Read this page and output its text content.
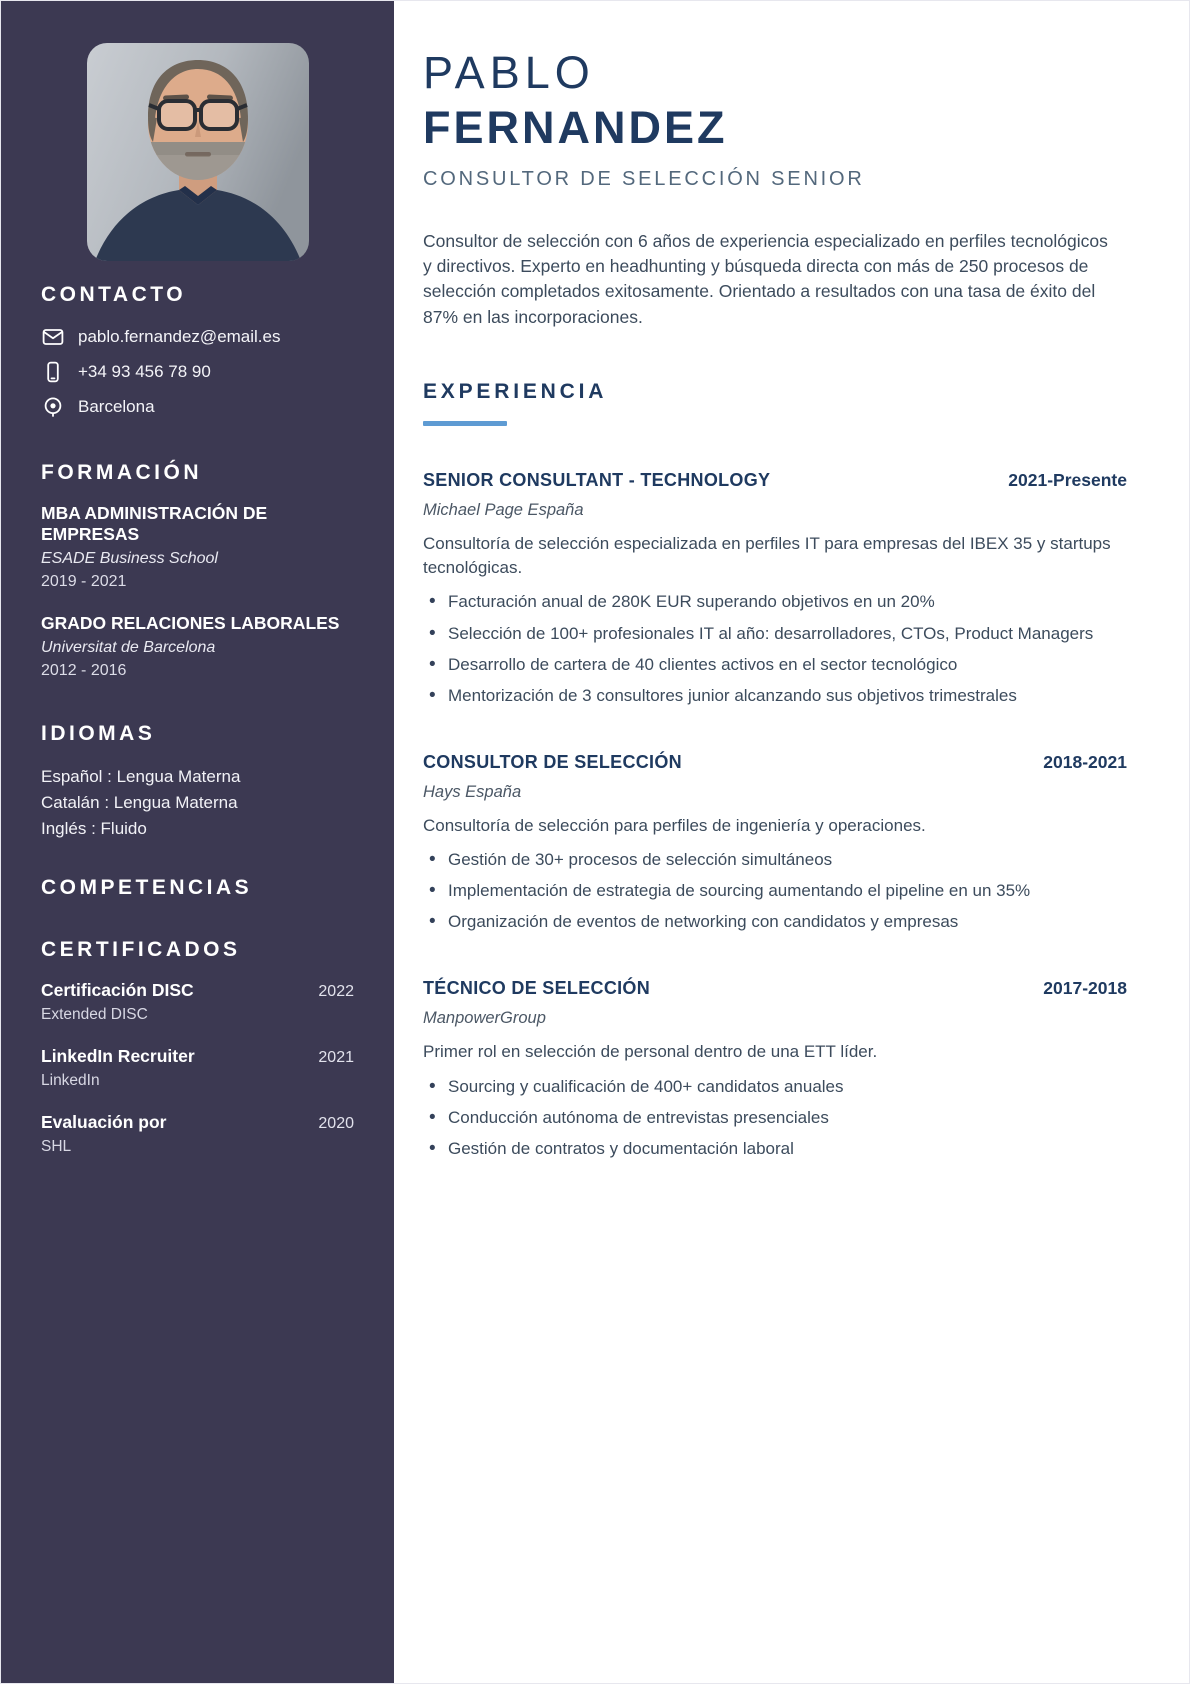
CONTACTO
pablo.fernandez@email.es
+34 93 456 78 90
Barcelona
FORMACIÓN
MBA ADMINISTRACIÓN DE EMPRESAS
ESADE Business School
2019 - 2021
GRADO RELACIONES LABORALES
Universitat de Barcelona
2012 - 2016
IDIOMAS
Español : Lengua Materna
Catalán : Lengua Materna
Inglés : Fluido
COMPETENCIAS
CERTIFICADOS
Certificación DISC	2022
Extended DISC
LinkedIn Recruiter	2021
LinkedIn
Evaluación por	2020
SHL
PABLO
FERNANDEZ
CONSULTOR DE SELECCIÓN SENIOR

Consultor de selección con 6 años de experiencia especializado en perfiles tecnológicos y directivos. Experto en headhunting y búsqueda directa con más de 250 procesos de selección completados exitosamente. Orientado a resultados con una tasa de éxito del 87% en las incorporaciones.

EXPERIENCIA
SENIOR CONSULTANT - TECHNOLOGY	2021-Presente
Michael Page España
Consultoría de selección especializada en perfiles IT para empresas del IBEX 35 y startups tecnológicas.
• Facturación anual de 280K EUR superando objetivos en un 20%
• Selección de 100+ profesionales IT al año: desarrolladores, CTOs, Product Managers
• Desarrollo de cartera de 40 clientes activos en el sector tecnológico
• Mentorización de 3 consultores junior alcanzando sus objetivos trimestrales
CONSULTOR DE SELECCIÓN	2018-2021
Hays España
Consultoría de selección para perfiles de ingeniería y operaciones.
• Gestión de 30+ procesos de selección simultáneos
• Implementación de estrategia de sourcing aumentando el pipeline en un 35%
• Organización de eventos de networking con candidatos y empresas
TÉCNICO DE SELECCIÓN	2017-2018
ManpowerGroup
Primer rol en selección de personal dentro de una ETT líder.
• Sourcing y cualificación de 400+ candidatos anuales
• Conducción autónoma de entrevistas presenciales
• Gestión de contratos y documentación laboral
